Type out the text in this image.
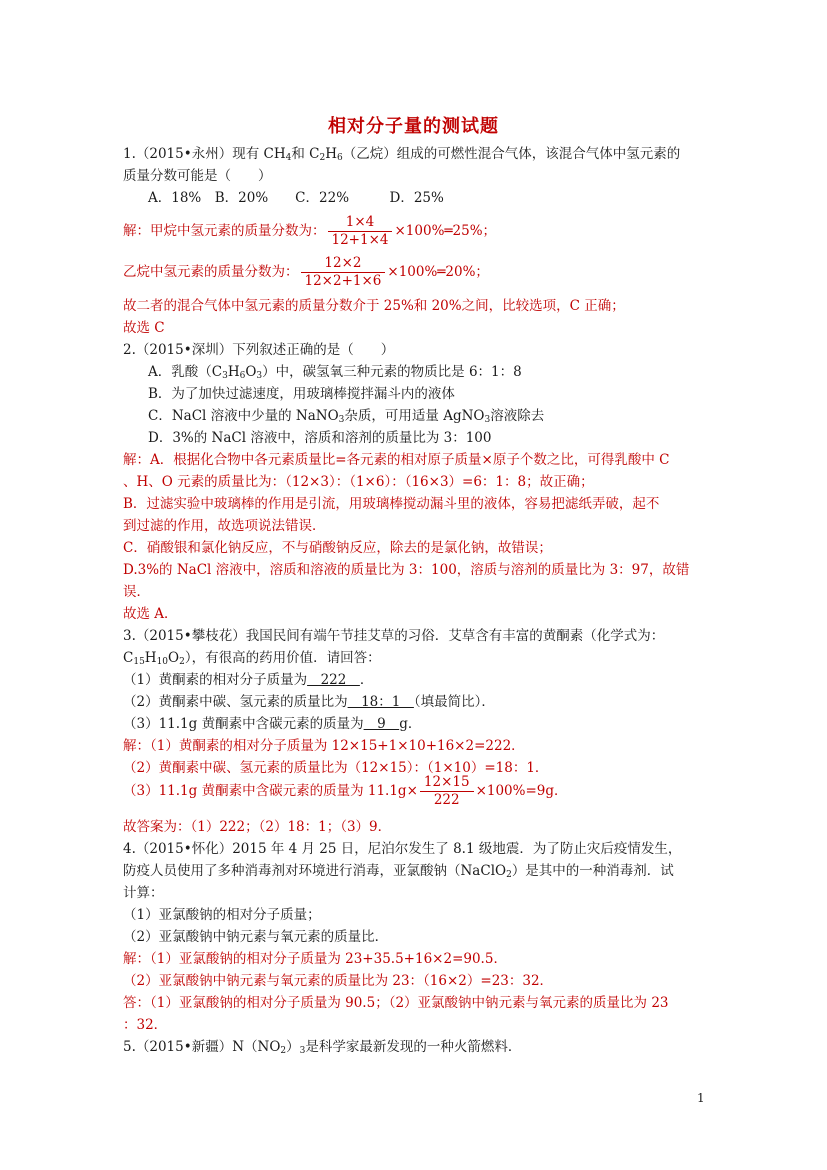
相对分子量的测试题
1.（2015•永州）现有 $CH_4$和 $C_2H_6$（乙烷）组成的可燃性混合气体，该混合气体中氢元素的
质量分数可能是（　　）
A．18%　B．20%　　C．22%　　　D．25%
解：甲烷中氢元素的质量分数为： $\frac{1\times 4}{12+1\times 4}$ ×100%═25%；
乙烷中氢元素的质量分数为： $\frac{12\times 2}{12\times 2+1\times 6}$ ×100%═20%；
故二者的混合气体中氢元素的质量分数介于 25%和 20%之间，比较选项，C 正确；
故选 C
2.（2015•深圳）下列叙述正确的是（　　）
A．乳酸$(C_3H_6O_3)$中，碳氢氧三种元素的物质比是 6：1：8
B．为了加快过滤速度，用玻璃棒搅拌漏斗内的液体
C．NaCl 溶液中少量的 NaNO$_3$杂质，可用适量 AgNO$_3$溶液除去
D．3%的 NaCl 溶液中，溶质和溶剂的质量比为 3：100
解：A．根据化合物中各元素质量比=各元素的相对原子质量×原子个数之比，可得乳酸中 C
、H、O 元素的质量比为：（12×3）：（1×6）：（16×3）=6：1：8；故正确；
B．过滤实验中玻璃棒的作用是引流，用玻璃棒搅动漏斗里的液体，容易把滤纸弄破，起不
到过滤的作用，故选项说法错误．
C．硝酸银和氯化钠反应，不与硝酸钠反应，除去的是氯化钠，故错误；
D.3%的 NaCl 溶液中，溶质和溶液的质量比为 3：100，溶质与溶剂的质量比为 3：97，故错
误．
故选 A．
3.（2015•攀枝花）我国民间有端午节挂艾草的习俗．艾草含有丰富的黄酮素（化学式为：
$C_{15}H_{10}O_2$），有很高的药用价值．请回答：
（1）黄酮素的相对分子质量为　222　．
（2）黄酮素中碳、氢元素的质量比为　18：1　（填最简比）．
（3）11.1g 黄酮素中含碳元素的质量为　9　g．
解：（1）黄酮素的相对分子质量为 12×15+1×10+16×2=222．
（2）黄酮素中碳、氢元素的质量比为（12×15）：（1×10）=18：1．
（3）11.1g 黄酮素中含碳元素的质量为 $11.1g\times \frac{12\times 15}{222} \times 100\%=9g$．
故答案为：（1）222；（2）18：1；（3）9．
4.（2015•怀化）2015 年 4 月 25 日，尼泊尔发生了 8.1 级地震．为了防止灾后疫情发生，
防疫人员使用了多种消毒剂对环境进行消毒，亚氯酸钠（NaClO$_2$）是其中的一种消毒剂．试
计算：
（1）亚氯酸钠的相对分子质量；
（2）亚氯酸钠中钠元素与氧元素的质量比．
解：（1）亚氯酸钠的相对分子质量为 23+35.5+16×2=90.5．
（2）亚氯酸钠中钠元素与氧元素的质量比为 23：（16×2）=23：32．
答：（1）亚氯酸钠的相对分子质量为 90.5；（2）亚氯酸钠中钠元素与氧元素的质量比为 23
：32．
5.（2015•新疆）$N(NO_2)_3$是科学家最新发现的一种火箭燃料．
1
